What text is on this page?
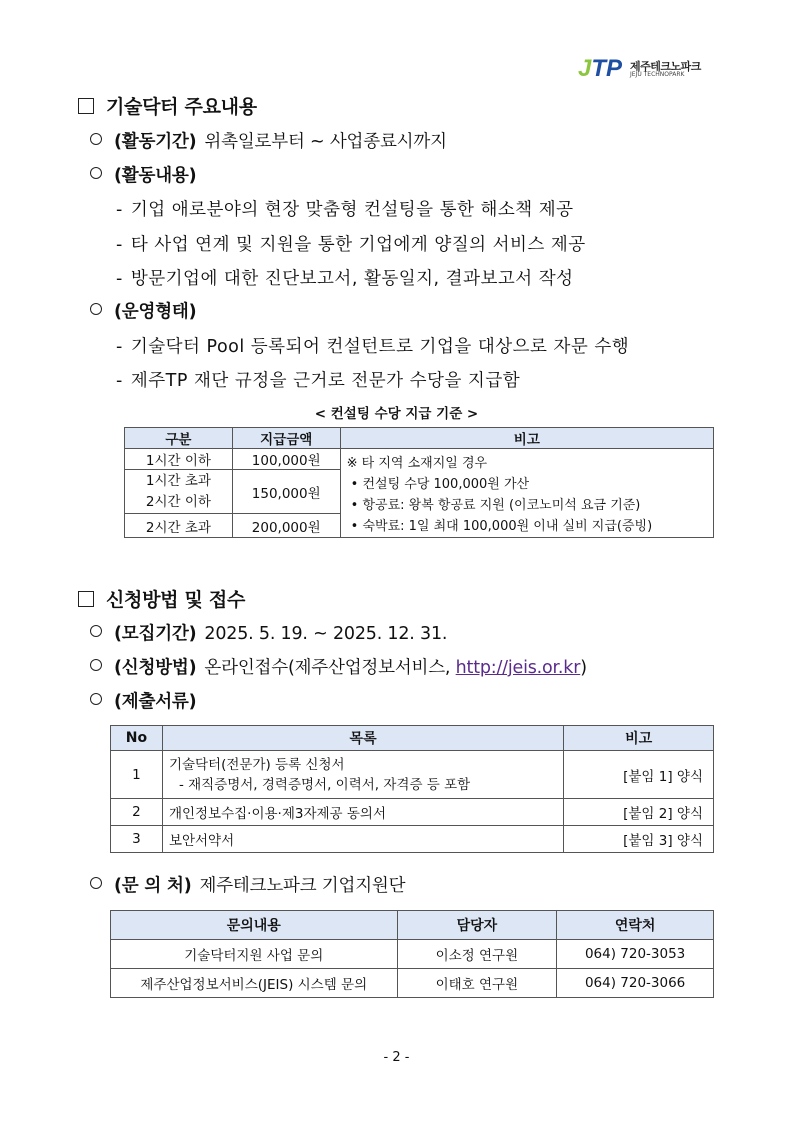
J TP 제주테크노파크
JEJU TECHNOPARK
기술닥터 주요내용
(활동기간) 위촉일로부터 ~ 사업종료시까지
(활동내용)
- 기업 애로분야의 현장 맞춤형 컨설팅을 통한 해소책 제공
- 타 사업 연계 및 지원을 통한 기업에게 양질의 서비스 제공
- 방문기업에 대한 진단보고서, 활동일지, 결과보고서 작성
(운영형태)
- 기술닥터 Pool 등록되어 컨설턴트로 기업을 대상으로 자문 수행
- 제주TP 재단 규정을 근거로 전문가 수당을 지급함
< 컨설팅 수당 지급 기준 >
구분	지급금액	비고
1시간 이하	100,000원	※ 타 지역 소재지일 경우
• 컨설팅 수당 100,000원 가산
• 항공료: 왕복 항공료 지원 (이코노미석 요금 기준)
• 숙박료: 1일 최대 100,000원 이내 실비 지급(증빙)

1시간 초과
2시간 이하	150,000원	
2시간 초과	200,000원	
신청방법 및 접수
(모집기간) 2025. 5. 19. ~ 2025. 12. 31.
(신청방법) 온라인접수(제주산업정보서비스, http://jeis.or.kr)
(제출서류)
No	목록	비고
1	기술닥터(전문가) 등록 신청서
- 재직증명서, 경력증명서, 이력서, 자격증 등 포함	[붙임 1] 양식
2	개인정보수집·이용·제3자제공 동의서	[붙임 2] 양식
3	보안서약서	[붙임 3] 양식
(문 의 처) 제주테크노파크 기업지원단
문의내용	담당자	연락처
기술닥터지원 사업 문의	이소정 연구원	064) 720-3053
제주산업정보서비스(JEIS) 시스템 문의	이태호 연구원	064) 720-3066
- 2 -
